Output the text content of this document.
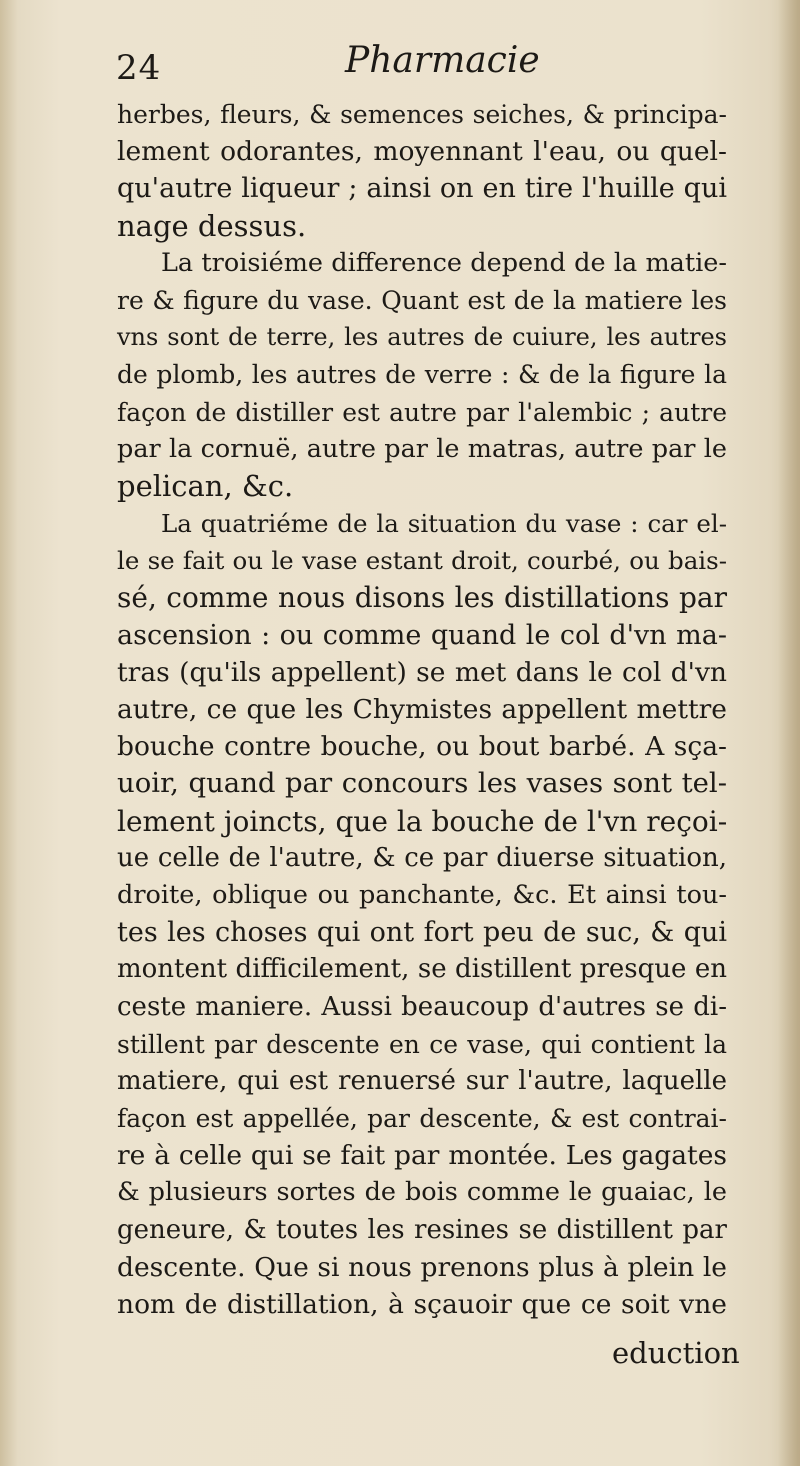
24	Pharmacie
herbes, fleurs, & semences seiches, & principa-
lement odorantes, moyennant l'eau, ou quel-
qu'autre liqueur ; ainsi on en tire l'huille qui
nage dessus.
La troisiéme difference depend de la matie-
re & figure du vase. Quant est de la matiere les
vns sont de terre, les autres de cuiure, les autres
de plomb, les autres de verre : & de la figure la
façon de distiller est autre par l'alembic ; autre
par la cornuë, autre par le matras, autre par le
pelican, &c.
La quatriéme de la situation du vase : car el-
le se fait ou le vase estant droit, courbé, ou bais-
sé, comme nous disons les distillations par
ascension : ou comme quand le col d'vn ma-
tras (qu'ils appellent) se met dans le col d'vn
autre, ce que les Chymistes appellent mettre
bouche contre bouche, ou bout barbé. A sça-
uoir, quand par concours les vases sont tel-
lement joincts, que la bouche de l'vn reçoi-
ue celle de l'autre, & ce par diuerse situation,
droite, oblique ou panchante, &c. Et ainsi tou-
tes les choses qui ont fort peu de suc, & qui
montent difficilement, se distillent presque en
ceste maniere. Aussi beaucoup d'autres se di-
stillent par descente en ce vase, qui contient la
matiere, qui est renuersé sur l'autre, laquelle
façon est appellée, par descente, & est contrai-
re à celle qui se fait par montée. Les gagates
& plusieurs sortes de bois comme le guaiac, le
geneure, & toutes les resines se distillent par
descente. Que si nous prenons plus à plein le
nom de distillation, à sçauoir que ce soit vne
eduction
